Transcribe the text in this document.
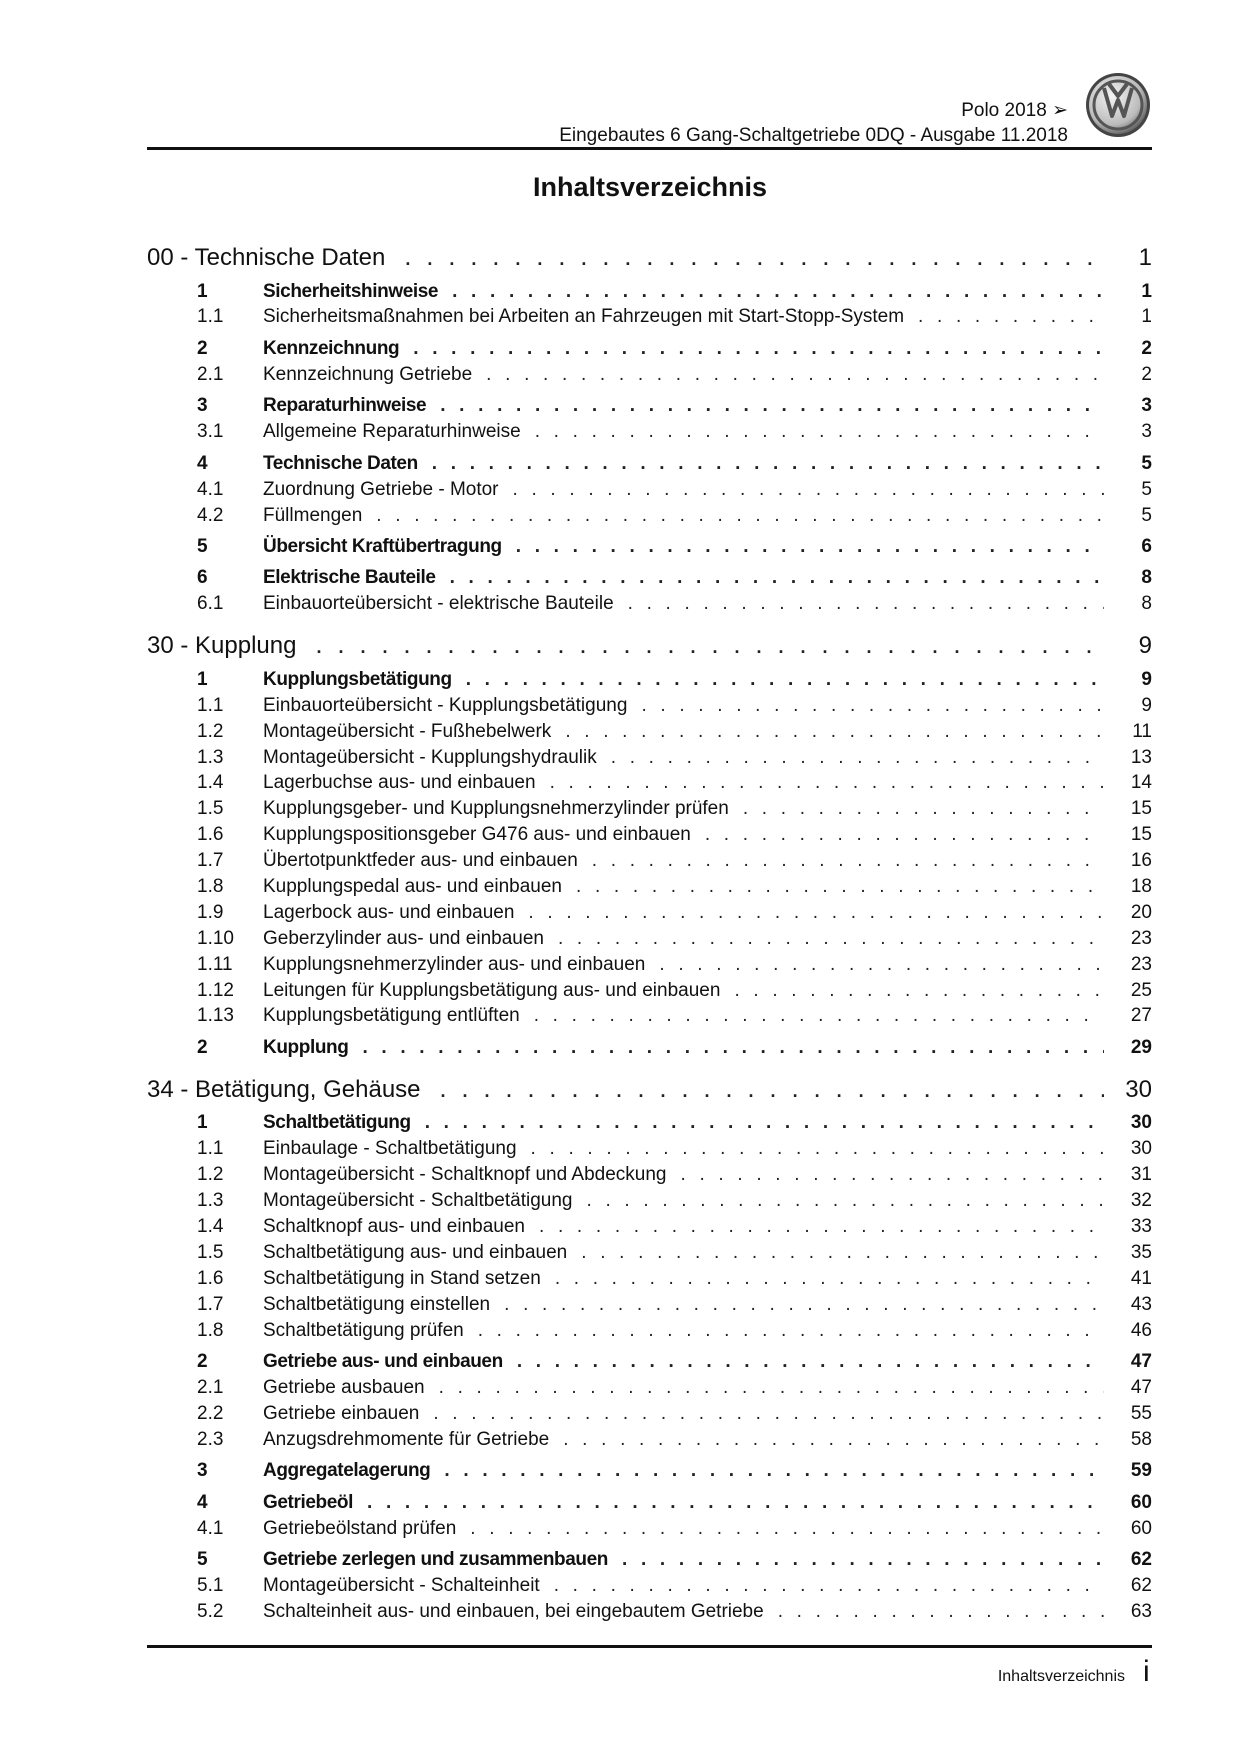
Polo 2018 ➢
Eingebautes 6 Gang-Schaltgetriebe 0DQ - Ausgabe 11.2018
Inhaltsverzeichnis
00 - Technische Daten . . .	1
1	Sicherheitshinweise . . .	1
1.1	Sicherheitsmaßnahmen bei Arbeiten an Fahrzeugen mit Start-Stopp-System . . .	1
2	Kennzeichnung . . .	2
2.1	Kennzeichnung Getriebe . . .	2
3	Reparaturhinweise . . .	3
3.1	Allgemeine Reparaturhinweise . . .	3
4	Technische Daten . . .	5
4.1	Zuordnung Getriebe - Motor . . .	5
4.2	Füllmengen . . .	5
5	Übersicht Kraftübertragung . . .	6
6	Elektrische Bauteile . . .	8
6.1	Einbauorteübersicht - elektrische Bauteile . . .	8
30 - Kupplung . . .	9
1	Kupplungsbetätigung . . .	9
1.1	Einbauorteübersicht - Kupplungsbetätigung . . .	9
1.2	Montageübersicht - Fußhebelwerk . . .	11
1.3	Montageübersicht - Kupplungshydraulik . . .	13
1.4	Lagerbuchse aus- und einbauen . . .	14
1.5	Kupplungsgeber- und Kupplungsnehmerzylinder prüfen . . .	15
1.6	Kupplungspositionsgeber G476 aus- und einbauen . . .	15
1.7	Übertotpunktfeder aus- und einbauen . . .	16
1.8	Kupplungspedal aus- und einbauen . . .	18
1.9	Lagerbock aus- und einbauen . . .	20
1.10	Geberzylinder aus- und einbauen . . .	23
1.11	Kupplungsnehmerzylinder aus- und einbauen . . .	23
1.12	Leitungen für Kupplungsbetätigung aus- und einbauen . . .	25
1.13	Kupplungsbetätigung entlüften . . .	27
2	Kupplung . . .	29
34 - Betätigung, Gehäuse . . .	30
1	Schaltbetätigung . . .	30
1.1	Einbaulage - Schaltbetätigung . . .	30
1.2	Montageübersicht - Schaltknopf und Abdeckung . . .	31
1.3	Montageübersicht - Schaltbetätigung . . .	32
1.4	Schaltknopf aus- und einbauen . . .	33
1.5	Schaltbetätigung aus- und einbauen . . .	35
1.6	Schaltbetätigung in Stand setzen . . .	41
1.7	Schaltbetätigung einstellen . . .	43
1.8	Schaltbetätigung prüfen . . .	46
2	Getriebe aus- und einbauen . . .	47
2.1	Getriebe ausbauen . . .	47
2.2	Getriebe einbauen . . .	55
2.3	Anzugsdrehmomente für Getriebe . . .	58
3	Aggregatelagerung . . .	59
4	Getriebeöl . . .	60
4.1	Getriebeölstand prüfen . . .	60
5	Getriebe zerlegen und zusammenbauen . . .	62
5.1	Montageübersicht - Schalteinheit . . .	62
5.2	Schalteinheit aus- und einbauen, bei eingebautem Getriebe . . .	63
Inhaltsverzeichnis i
